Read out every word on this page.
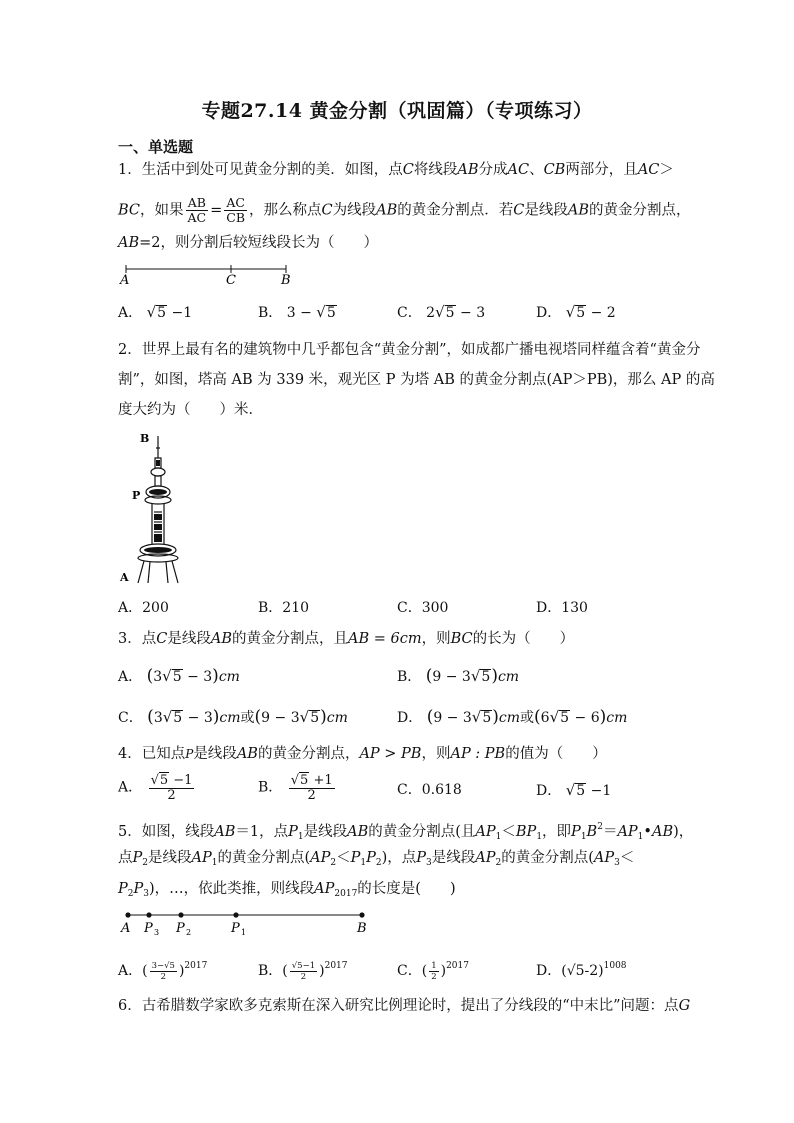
专题27.14 黄金分割（巩固篇）（专项练习）
一、单选题
1．生活中到处可见黄金分割的美．如图，点C将线段AB分成AC、CB两部分，且AC＞
BC，如果 $\frac{AB}{AC} = \frac{AC}{CB}$ ，那么称点C为线段AB的黄金分割点．若C是线段AB的黄金分割点，
AB=2，则分割后较短线段长为（　　）
A	C	B
A． √5 −1	B． 3 − √5	C． 2√5 − 3	D． √5 − 2
2．世界上最有名的建筑物中几乎都包含“黄金分割”，如成都广播电视塔同样蕴含着“黄金分
割”，如图，塔高 AB 为 339 米，观光区 P 为塔 AB 的黄金分割点(AP＞PB)，那么 AP 的高
度大约为（　　）米．
B
P
A
A．200	B．210	C．300	D．130
3．点C是线段AB的黄金分割点，且AB = 6cm，则BC的长为（　　）
A． (3√5 − 3)cm	B． (9 − 3√5)cm
C． (3√5 − 3)cm或(9 − 3√5)cm	D． (9 − 3√5)cm或(6√5 − 6)cm
4．已知点P是线段AB的黄金分割点，AP > PB，则AP : PB的值为（　　）
A． $\frac{√5 -1}{2}$	B． $\frac{√5 +1}{2}$	C．0.618	D． √5 −1
5．如图，线段AB＝1，点$P_1$是线段AB的黄金分割点(且$AP_1<BP_1$，即$P_1B^2=AP_1•AB$)，
点$P_2$是线段$AP_1$的黄金分割点$(AP_2<P_1P_2)$，点$P_3$是线段$AP_2$的黄金分割点($AP_3<$
$P_2P_3$)，…，依此类推，则线段$AP_{2017}$的长度是(　　)
A P 3 P 2	P 1	B
A．( $\frac{3-√5}{2} )^{2017}$	B．( $\frac{√5-1}{2} )^{2017}$	C．( $\frac{1}{2} )^{2017}$	D．$(√5-2)^{1008}$
6．古希腊数学家欧多克索斯在深入研究比例理论时，提出了分线段的“中末比”问题：点G
